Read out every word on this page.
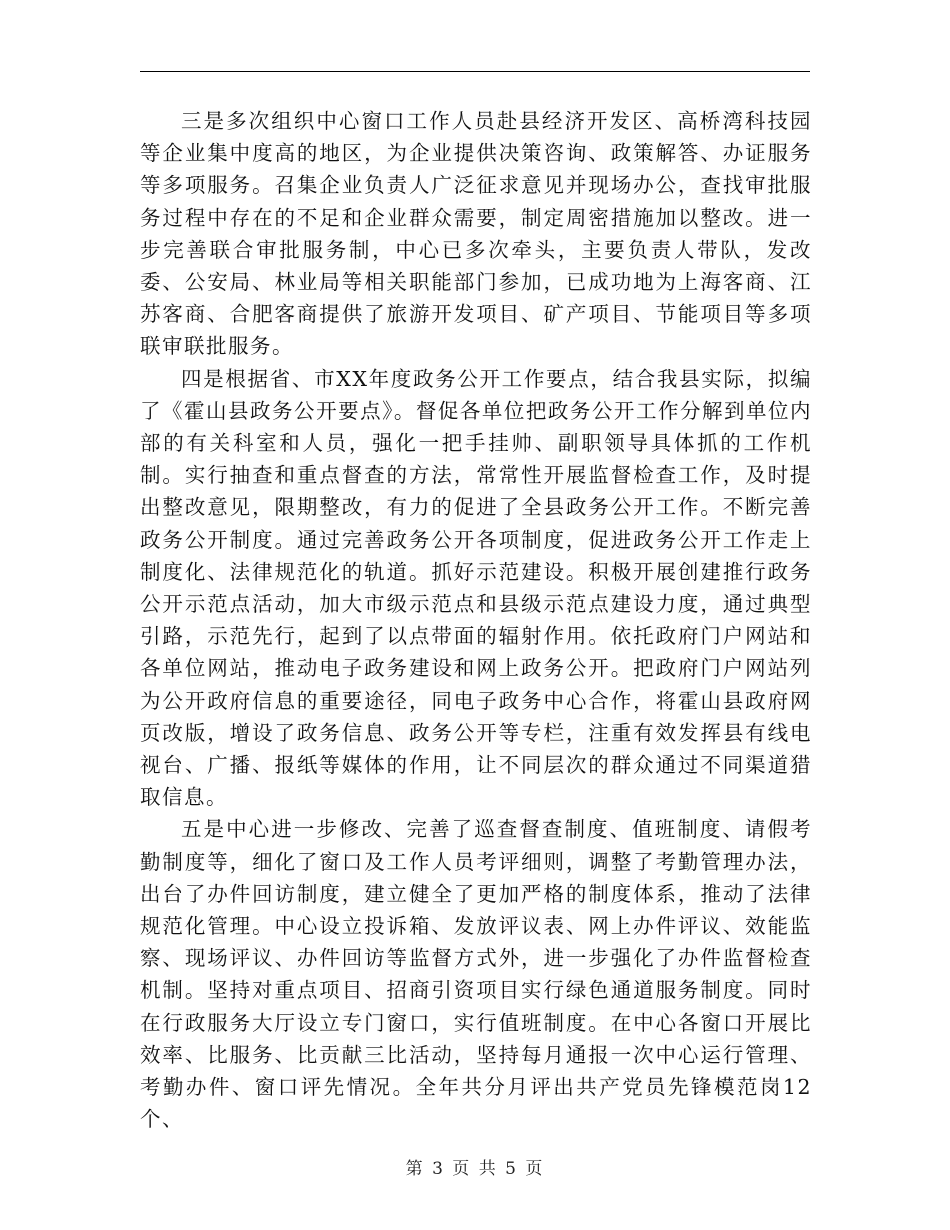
三是多次组织中心窗口工作人员赴县经济开发区、高桥湾科技园等企业集中度高的地区，为企业提供决策咨询、政策解答、办证服务等多项服务。召集企业负责人广泛征求意见并现场办公，查找审批服务过程中存在的不足和企业群众需要，制定周密措施加以整改。进一步完善联合审批服务制，中心已多次牵头，主要负责人带队，发改委、公安局、林业局等相关职能部门参加，已成功地为上海客商、江苏客商、合肥客商提供了旅游开发项目、矿产项目、节能项目等多项联审联批服务。

四是根据省、市XX年度政务公开工作要点，结合我县实际，拟编了《霍山县政务公开要点》。督促各单位把政务公开工作分解到单位内部的有关科室和人员，强化一把手挂帅、副职领导具体抓的工作机制。实行抽查和重点督查的方法，常常性开展监督检查工作，及时提出整改意见，限期整改，有力的促进了全县政务公开工作。不断完善政务公开制度。通过完善政务公开各项制度，促进政务公开工作走上制度化、法律规范化的轨道。抓好示范建设。积极开展创建推行政务公开示范点活动，加大市级示范点和县级示范点建设力度，通过典型引路，示范先行，起到了以点带面的辐射作用。依托政府门户网站和各单位网站，推动电子政务建设和网上政务公开。把政府门户网站列为公开政府信息的重要途径，同电子政务中心合作，将霍山县政府网页改版，增设了政务信息、政务公开等专栏，注重有效发挥县有线电视台、广播、报纸等媒体的作用，让不同层次的群众通过不同渠道猎取信息。

五是中心进一步修改、完善了巡查督查制度、值班制度、请假考勤制度等，细化了窗口及工作人员考评细则，调整了考勤管理办法，出台了办件回访制度，建立健全了更加严格的制度体系，推动了法律规范化管理。中心设立投诉箱、发放评议表、网上办件评议、效能监察、现场评议、办件回访等监督方式外，进一步强化了办件监督检查机制。坚持对重点项目、招商引资项目实行绿色通道服务制度。同时在行政服务大厅设立专门窗口，实行值班制度。在中心各窗口开展比效率、比服务、比贡献三比活动，坚持每月通报一次中心运行管理、考勤办件、窗口评先情况。全年共分月评出共产党员先锋模范岗12个、

第 3 页 共 5 页
